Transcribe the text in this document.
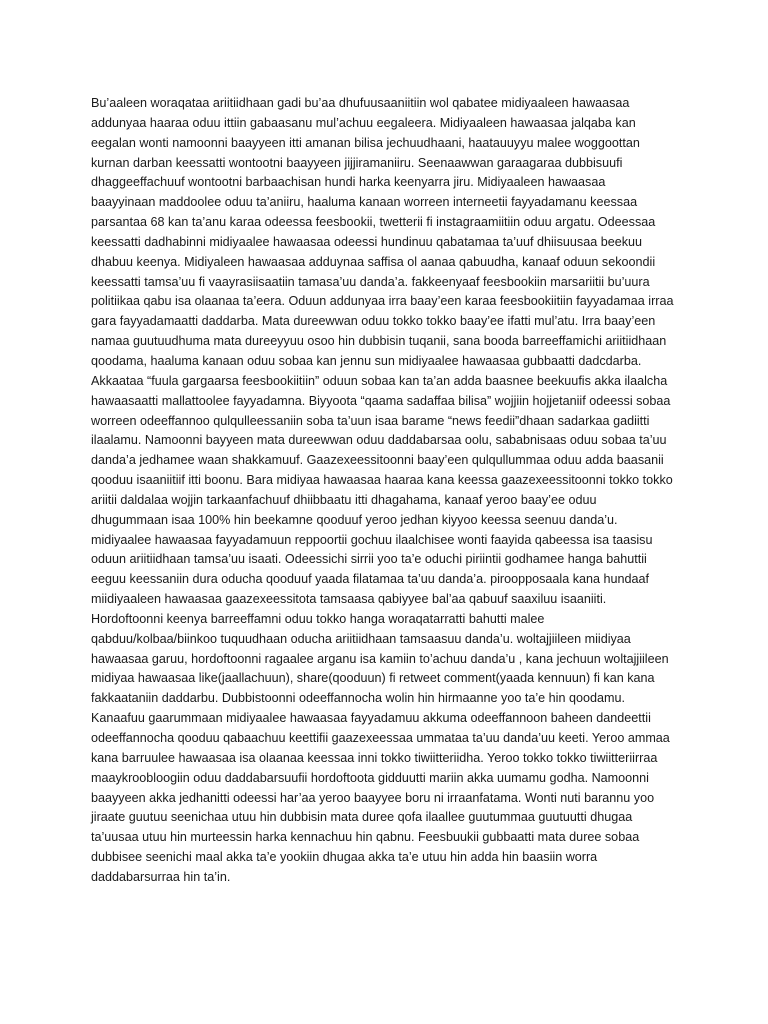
Bu’aaleen woraqataa ariitiidhaan gadi bu’aa dhufuusaaniitiin wol qabatee midiyaaleen hawaasaa
addunyaa haaraa oduu ittiin gabaasanu mul’achuu eegaleera. Midiyaaleen hawaasaa jalqaba kan
eegalan wonti namoonni baayyeen itti amanan bilisa jechuudhaani, haatauuyyu malee woggoottan
kurnan darban keessatti wontootni baayyeen jijjiramaniiru. Seenaawwan garaagaraa dubbisuufi
dhaggeeffachuuf wontootni barbaachisan hundi harka keenyarra jiru. Midiyaaleen hawaasaa
baayyinaan maddoolee oduu ta’aniiru, haaluma kanaan worreen interneetii fayyadamanu keessaa
parsantaa 68 kan ta’anu karaa odeessa feesbookii, twetterii fi instagraamiitiin oduu argatu. Odeessaa
keessatti dadhabinni midiyaalee hawaasaa odeessi hundinuu qabatamaa ta’uuf dhiisuusaa beekuu
dhabuu keenya. Midiyaleen hawaasaa adduynaa saffisa ol aanaa qabuudha, kanaaf oduun sekoondii
keessatti tamsa’uu fi vaayrasiisaatiin tamasa’uu danda’a. fakkeenyaaf feesbookiin marsariitii bu’uura
politiikaa qabu isa olaanaa ta’eera. Oduun addunyaa irra baay’een karaa feesbookiitiin fayyadamaa irraa
gara fayyadamaatti daddarba. Mata dureewwan oduu tokko tokko baay’ee ifatti mul’atu. Irra baay’een
namaa guutuudhuma mata dureeyyuu osoo hin dubbisin tuqanii, sana booda barreeffamichi ariitiidhaan
qoodama, haaluma kanaan oduu sobaa kan jennu sun midiyaalee hawaasaa gubbaatti dadcdarba.
Akkaataa “fuula gargaarsa feesbookiitiin” oduun sobaa kan ta’an adda baasnee beekuufis akka ilaalcha
hawaasaatti mallattoolee fayyadamna. Biyyoota “qaama sadaffaa bilisa” wojjiin hojjetaniif odeessi sobaa
worreen odeeffannoo qulqulleessaniin soba ta’uun isaa barame “news feedii”dhaan sadarkaa gadiitti
ilaalamu. Namoonni bayyeen mata dureewwan oduu daddabarsaa oolu, sababnisaas oduu sobaa ta’uu
danda’a jedhamee waan shakkamuuf. Gaazexeessitoonni baay’een qulqullummaa oduu adda baasanii
qooduu isaaniitiif itti boonu. Bara midiyaa hawaasaa haaraa kana keessa gaazexeessitoonni tokko tokko
ariitii daldalaa wojjin tarkaanfachuuf dhiibbaatu itti dhagahama, kanaaf yeroo baay’ee oduu
dhugummaan isaa 100% hin beekamne qooduuf yeroo jedhan kiyyoo keessa seenuu danda’u.
midiyaalee hawaasaa fayyadamuun reppoortii gochuu ilaalchisee wonti faayida qabeessa isa taasisu
oduun ariitiidhaan tamsa’uu isaati. Odeessichi sirrii yoo ta’e oduchi piriintii godhamee hanga bahuttii
eeguu keessaniin dura oducha qooduuf yaada filatamaa ta’uu danda’a. piroopposaala kana hundaaf
miidiyaaleen hawaasaa gaazexeessitota tamsaasa qabiyyee bal’aa qabuuf saaxiluu isaaniiti.
Hordoftoonni keenya barreeffamni oduu tokko hanga woraqatarratti bahutti malee
qabduu/kolbaa/biinkoo tuquudhaan oducha ariitiidhaan tamsaasuu danda’u. woltajjiileen miidiyaa
hawaasaa garuu, hordoftoonni ragaalee arganu isa kamiin to’achuu danda’u , kana jechuun woltajjiileen
midiyaa hawaasaa like(jaallachuun), share(qooduun) fi retweet comment(yaada kennuun) fi kan kana
fakkaataniin daddarbu. Dubbistoonni odeeffannocha wolin hin hirmaanne yoo ta’e hin qoodamu.
Kanaafuu gaarummaan midiyaalee hawaasaa fayyadamuu akkuma odeeffannoon baheen dandeettii
odeeffannocha qooduu qabaachuu keettifii gaazexeessaa ummataa ta’uu danda’uu keeti. Yeroo ammaa
kana barruulee hawaasaa isa olaanaa keessaa inni tokko tiwiitteriidha. Yeroo tokko tokko tiwiitteriirraa
maaykroobloogiin oduu daddabarsuufii hordoftoota gidduutti mariin akka uumamu godha. Namoonni
baayyeen akka jedhanitti odeessi har’aa yeroo baayyee boru ni irraanfatama. Wonti nuti barannu yoo
jiraate guutuu seenichaa utuu hin dubbisin mata duree qofa ilaallee guutummaa guutuutti dhugaa
ta’uusaa utuu hin murteessin harka kennachuu hin qabnu. Feesbuukii gubbaatti mata duree sobaa
dubbisee seenichi maal akka ta’e yookiin dhugaa akka ta’e utuu hin adda hin baasiin worra
daddabarsurraa hin ta’in.
